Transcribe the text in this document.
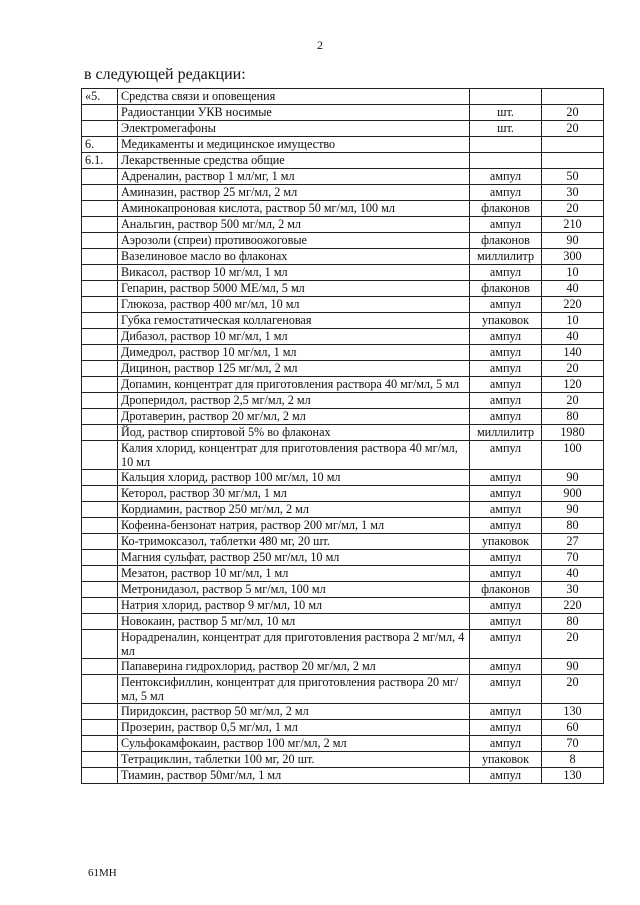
2
в следующей редакции:
«5.	Средства связи и оповещения		
	Радиостанции УКВ носимые	шт.	20
	Электромегафоны	шт.	20
6.	Медикаменты и медицинское имущество		
6.1.	Лекарственные средства общие		
	Адреналин, раствор 1 мл/мг, 1 мл	ампул	50
	Аминазин, раствор 25 мг/мл, 2 мл	ампул	30
	Аминокапроновая кислота, раствор 50 мг/мл, 100 мл	флаконов	20
	Анальгин, раствор 500 мг/мл, 2 мл	ампул	210
	Аэрозоли (спреи) противоожоговые	флаконов	90
	Вазелиновое масло во флаконах	миллилитр	300
	Викасол, раствор 10 мг/мл, 1 мл	ампул	10
	Гепарин, раствор 5000 МЕ/мл, 5 мл	флаконов	40
	Глюкоза, раствор 400 мг/мл, 10 мл	ампул	220
	Губка гемостатическая коллагеновая	упаковок	10
	Дибазол, раствор 10 мг/мл, 1 мл	ампул	40
	Димедрол, раствор 10 мг/мл, 1 мл	ампул	140
	Дицинон, раствор 125 мг/мл, 2 мл	ампул	20
	Допамин, концентрат для приготовления раствора 40 мг/мл, 5 мл	ампул	120
	Дроперидол, раствор 2,5 мг/мл, 2 мл	ампул	20
	Дротаверин, раствор 20 мг/мл, 2 мл	ампул	80
	Йод, раствор спиртовой 5% во флаконах	миллилитр	1980
	Калия хлорид, концентрат для приготовления раствора 40 мг/мл, 10 мл	ампул	100
	Кальция хлорид, раствор 100 мг/мл, 10 мл	ампул	90
	Кеторол, раствор 30 мг/мл, 1 мл	ампул	900
	Кордиамин, раствор 250 мг/мл, 2 мл	ампул	90
	Кофеина-бензонат натрия, раствор 200 мг/мл, 1 мл	ампул	80
	Ко-тримоксазол, таблетки 480 мг, 20 шт.	упаковок	27
	Магния сульфат, раствор 250 мг/мл, 10 мл	ампул	70
	Мезатон, раствор 10 мг/мл, 1 мл	ампул	40
	Метронидазол, раствор 5 мг/мл, 100 мл	флаконов	30
	Натрия хлорид, раствор 9 мг/мл, 10 мл	ампул	220
	Новокаин, раствор 5 мг/мл, 10 мл	ампул	80
	Норадреналин, концентрат для приготовления раствора 2 мг/мл, 4 мл	ампул	20
	Папаверина гидрохлорид, раствор 20 мг/мл, 2 мл	ампул	90
	Пентоксифиллин, концентрат для приготовления раствора 20 мг/мл, 5 мл	ампул	20
	Пиридоксин, раствор 50 мг/мл, 2 мл	ампул	130
	Прозерин, раствор 0,5 мг/мл, 1 мл	ампул	60
	Сульфокамфокаин, раствор 100 мг/мл, 2 мл	ампул	70
	Тетрациклин, таблетки 100 мг, 20 шт.	упаковок	8
	Тиамин, раствор 50мг/мл, 1 мл	ампул	130
61МН
